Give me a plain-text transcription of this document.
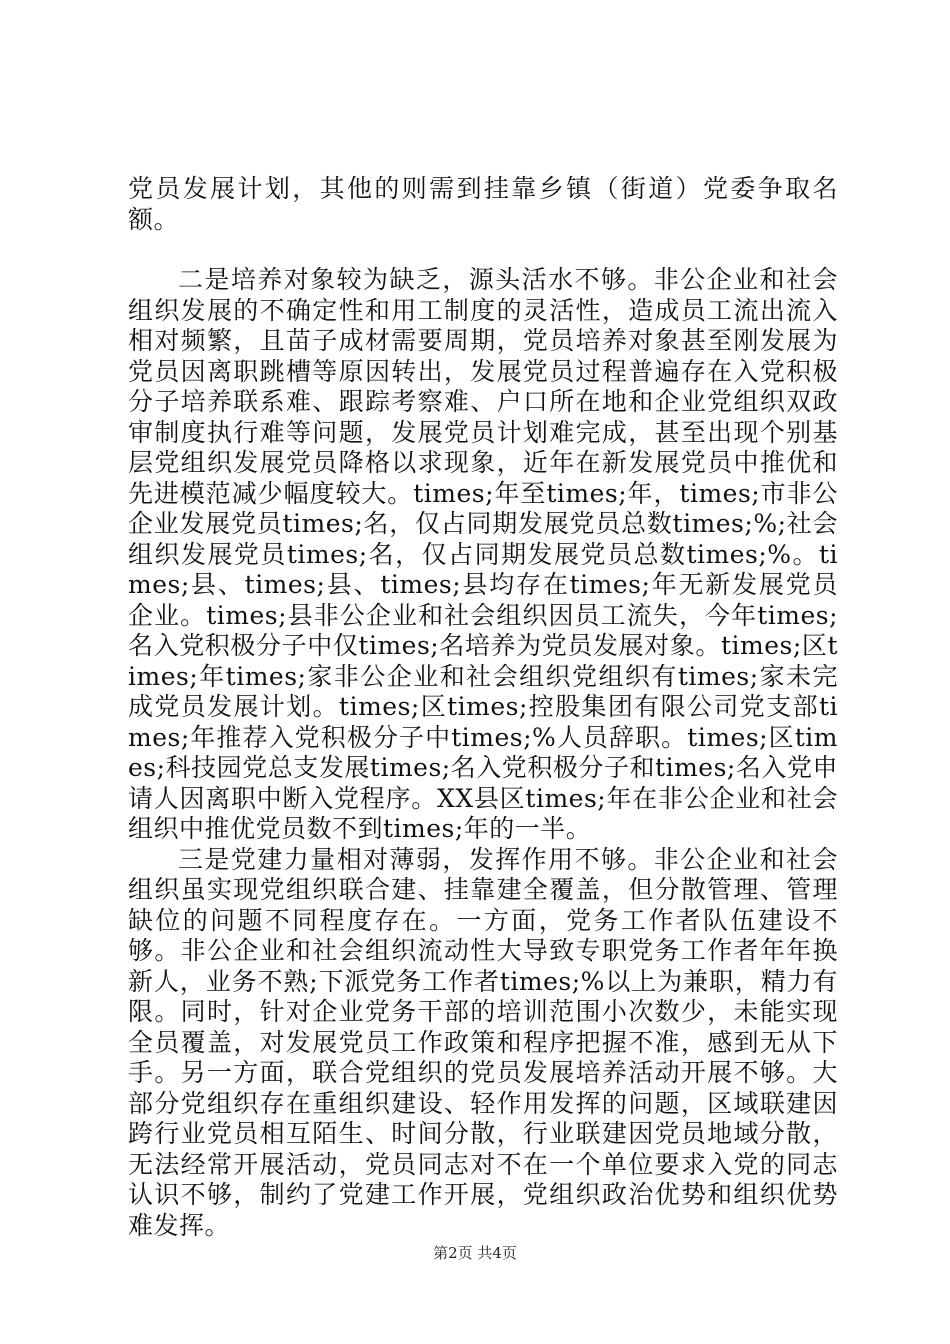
党员发展计划，其他的则需到挂靠乡镇（街道）党委争取名额。

二是培养对象较为缺乏，源头活水不够。非公企业和社会组织发展的不确定性和用工制度的灵活性，造成员工流出流入相对频繁，且苗子成材需要周期，党员培养对象甚至刚发展为党员因离职跳槽等原因转出，发展党员过程普遍存在入党积极分子培养联系难、跟踪考察难、户口所在地和企业党组织双政审制度执行难等问题，发展党员计划难完成，甚至出现个别基层党组织发展党员降格以求现象，近年在新发展党员中推优和先进模范减少幅度较大。times;年至times;年，times;市非公企业发展党员times;名，仅占同期发展党员总数times;%;社会组织发展党员times;名，仅占同期发展党员总数times;%。times;县、times;县、times;县均存在times;年无新发展党员企业。times;县非公企业和社会组织因员工流失，今年times;名入党积极分子中仅times;名培养为党员发展对象。times;区times;年times;家非公企业和社会组织党组织有times;家未完成党员发展计划。times;区times;控股集团有限公司党支部times;年推荐入党积极分子中times;%人员辞职。times;区times;科技园党总支发展times;名入党积极分子和times;名入党申请人因离职中断入党程序。XX县区times;年在非公企业和社会组织中推优党员数不到times;年的一半。

三是党建力量相对薄弱，发挥作用不够。非公企业和社会组织虽实现党组织联合建、挂靠建全覆盖，但分散管理、管理缺位的问题不同程度存在。一方面，党务工作者队伍建设不够。非公企业和社会组织流动性大导致专职党务工作者年年换新人，业务不熟;下派党务工作者times;%以上为兼职，精力有限。同时，针对企业党务干部的培训范围小次数少，未能实现全员覆盖，对发展党员工作政策和程序把握不准，感到无从下手。另一方面，联合党组织的党员发展培养活动开展不够。大部分党组织存在重组织建设、轻作用发挥的问题，区域联建因跨行业党员相互陌生、时间分散，行业联建因党员地域分散，无法经常开展活动，党员同志对不在一个单位要求入党的同志认识不够，制约了党建工作开展，党组织政治优势和组织优势难发挥。

第2页 共4页
